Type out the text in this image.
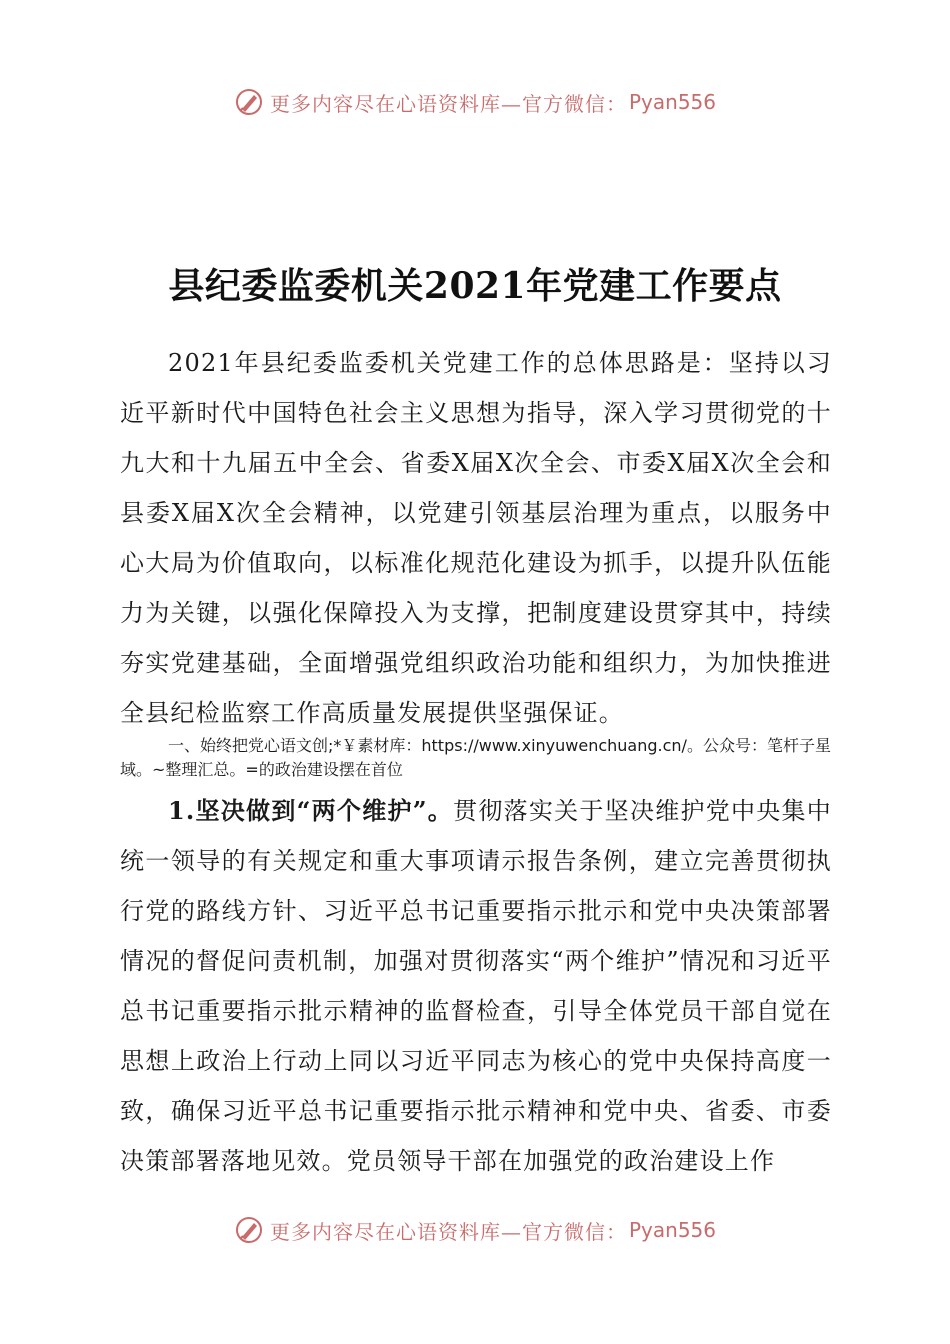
更多内容尽在心语资料库—官方微信： Pyan556
县纪委监委机关2021年党建工作要点
2021年县纪委监委机关党建工作的总体思路是：坚持以习近平新时代中国特色社会主义思想为指导，深入学习贯彻党的十九大和十九届五中全会、省委X届X次全会、市委X届X次全会和县委X届X次全会精神，以党建引领基层治理为重点，以服务中心大局为价值取向，以标准化规范化建设为抓手，以提升队伍能力为关键，以强化保障投入为支撑，把制度建设贯穿其中，持续夯实党建基础，全面增强党组织政治功能和组织力，为加快推进全县纪检监察工作高质量发展提供坚强保证。
一、始终把党心语文创;*￥素材库：https://www.xinyuwenchuang.cn/。公众号：笔杆子星域。~整理汇总。=的政治建设摆在首位
1.坚决做到“两个维护”。贯彻落实关于坚决维护党中央集中统一领导的有关规定和重大事项请示报告条例，建立完善贯彻执行党的路线方针、习近平总书记重要指示批示和党中央决策部署情况的督促问责机制，加强对贯彻落实“两个维护”情况和习近平总书记重要指示批示精神的监督检查，引导全体党员干部自觉在思想上政治上行动上同以习近平同志为核心的党中央保持高度一致，确保习近平总书记重要指示批示精神和党中央、省委、市委决策部署落地见效。党员领导干部在加强党的政治建设上作
更多内容尽在心语资料库—官方微信： Pyan556
